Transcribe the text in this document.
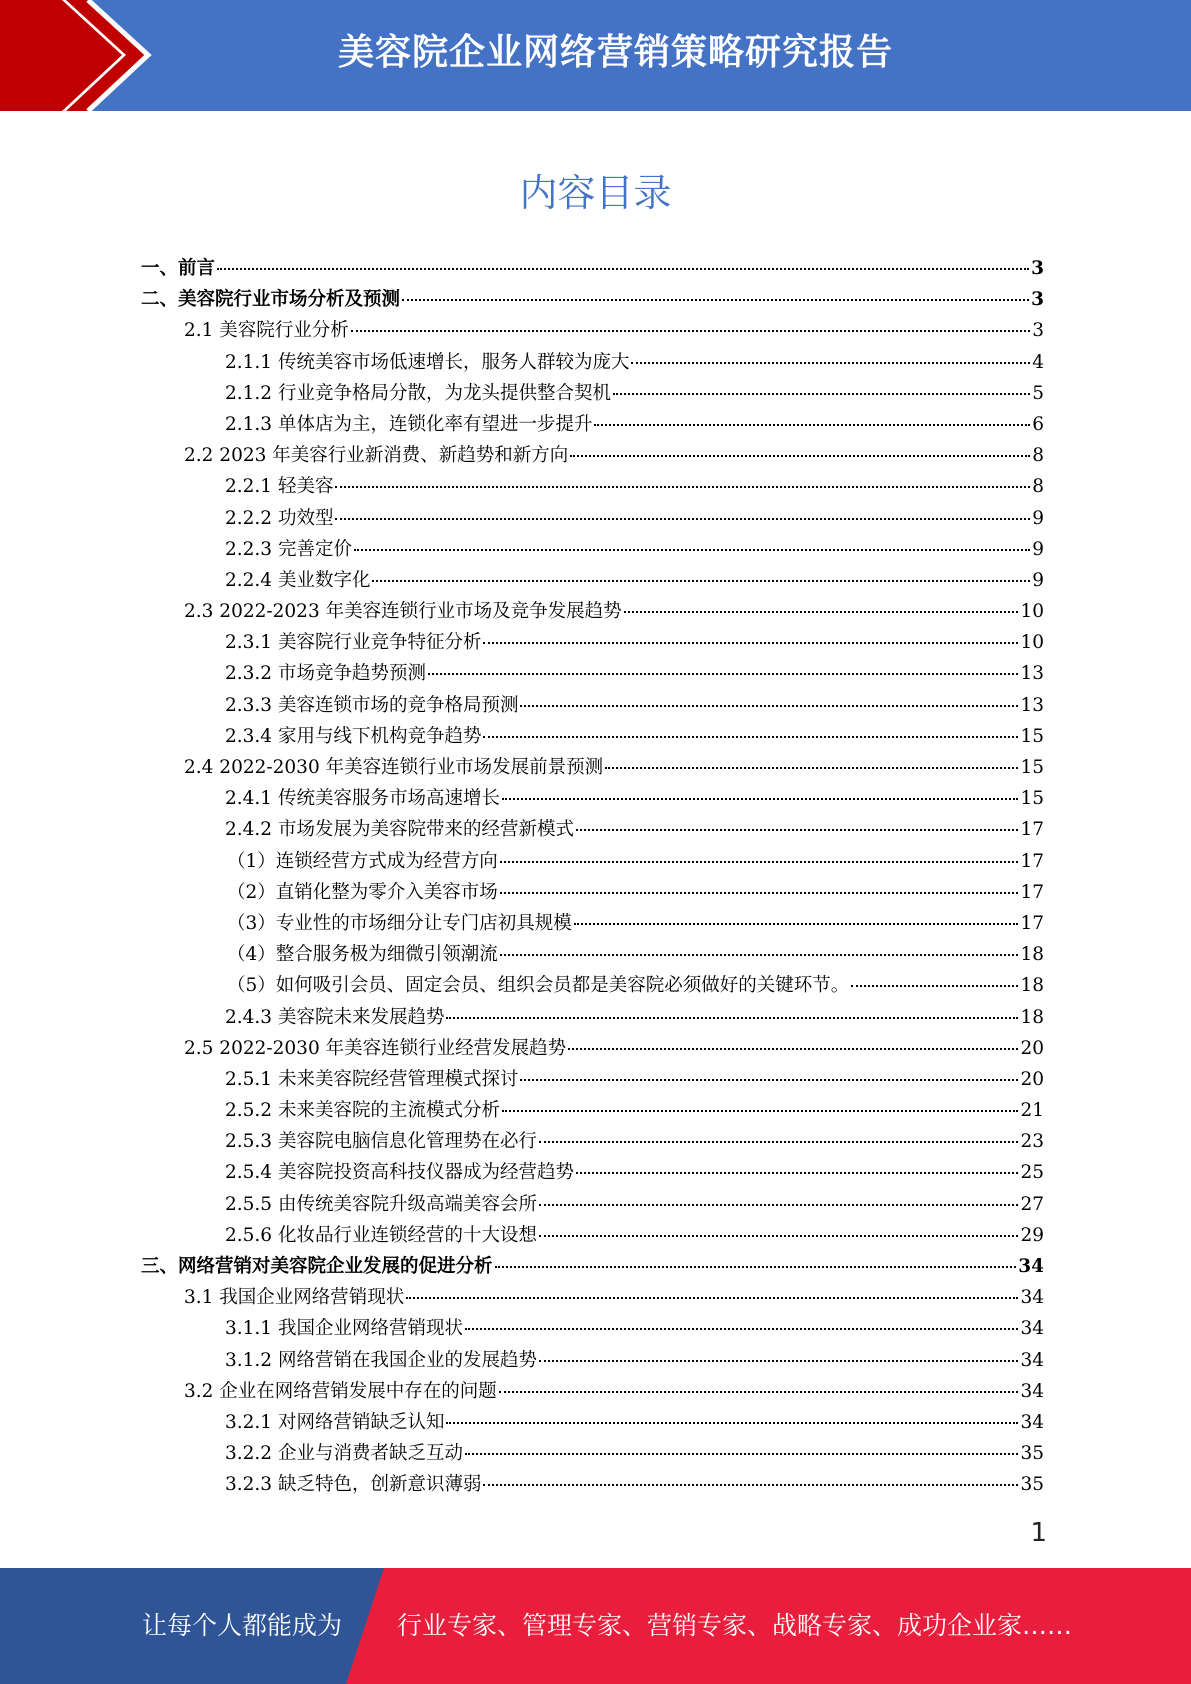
美容院企业网络营销策略研究报告
内容目录
一、前言	3
二、美容院行业市场分析及预测	3
2.1 美容院行业分析	3
2.1.1 传统美容市场低速增长，服务人群较为庞大	4
2.1.2 行业竞争格局分散，为龙头提供整合契机	5
2.1.3 单体店为主，连锁化率有望进一步提升	6
2.2 2023 年美容行业新消费、新趋势和新方向	8
2.2.1 轻美容	8
2.2.2 功效型	9
2.2.3 完善定价	9
2.2.4 美业数字化	9
2.3 2022-2023 年美容连锁行业市场及竞争发展趋势	10
2.3.1 美容院行业竞争特征分析	10
2.3.2 市场竞争趋势预测	13
2.3.3 美容连锁市场的竞争格局预测	13
2.3.4 家用与线下机构竞争趋势	15
2.4 2022-2030 年美容连锁行业市场发展前景预测	15
2.4.1 传统美容服务市场高速增长	15
2.4.2 市场发展为美容院带来的经营新模式	17
（1）连锁经营方式成为经营方向	17
（2）直销化整为零介入美容市场	17
（3）专业性的市场细分让专门店初具规模	17
（4）整合服务极为细微引领潮流	18
（5）如何吸引会员、固定会员、组织会员都是美容院必须做好的关键环节。	18
2.4.3 美容院未来发展趋势	18
2.5 2022-2030 年美容连锁行业经营发展趋势	20
2.5.1 未来美容院经营管理模式探讨	20
2.5.2 未来美容院的主流模式分析	21
2.5.3 美容院电脑信息化管理势在必行	23
2.5.4 美容院投资高科技仪器成为经营趋势	25
2.5.5 由传统美容院升级高端美容会所	27
2.5.6 化妆品行业连锁经营的十大设想	29
三、网络营销对美容院企业发展的促进分析	34
3.1 我国企业网络营销现状	34
3.1.1 我国企业网络营销现状	34
3.1.2 网络营销在我国企业的发展趋势	34
3.2 企业在网络营销发展中存在的问题	34
3.2.1 对网络营销缺乏认知	34
3.2.2 企业与消费者缺乏互动	35
3.2.3 缺乏特色，创新意识薄弱	35
1
让每个人都能成为 行业专家、管理专家、营销专家、战略专家、成功企业家……
